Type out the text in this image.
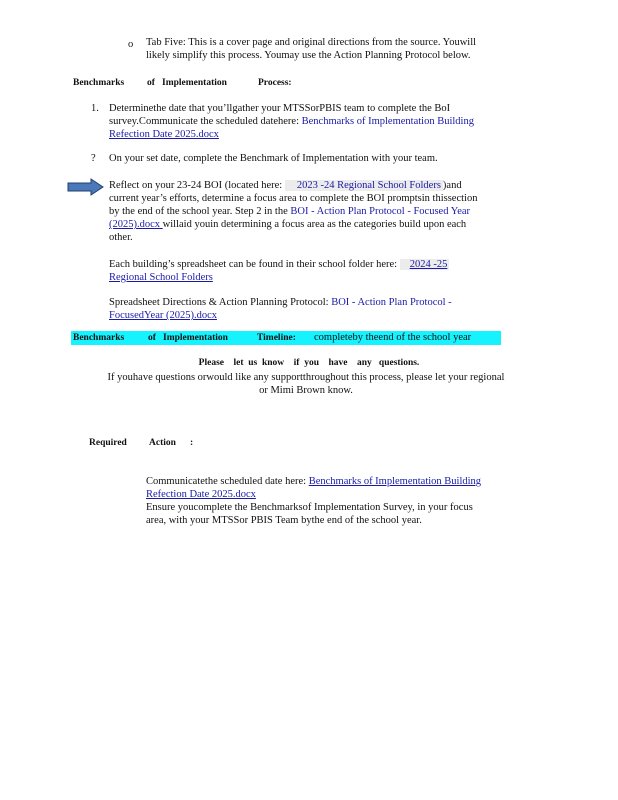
o Tab Five: This is a cover page and original directions from the source. Youwill
likely simplify this process. Youmay use the Action Planning Protocol below.
Benchmarks of Implementation	Process:
1. Determinethe date that you’llgather your MTSSorPBIS team to complete the BoI
survey.Communicate the scheduled datehere: Benchmarks of Implementation Building
Refection Date 2025.docx
? On your set date, complete the Benchmark of Implementation with your team.
Reflect on your 23-24 BOI (located here: 2023 -24 Regional School Folders )and
current year’s efforts, determine a focus area to complete the BOI promptsin thissection
by the end of the school year. Step 2 in the BOI - Action Plan Protocol - Focused Year
(2025).docx willaid youin determining a focus area as the categories build upon each
other.
Each building’s spreadsheet can be found in their school folder here: 2024 -25
Regional School Folders
Spreadsheet Directions & Action Planning Protocol: BOI - Action Plan Protocol -
FocusedYear (2025).docx
Benchmarks	of Implementation	Timeline: completeby theend of the school year
Please    let  us  know    if  you    have    any   questions.
If youhave questions orwould like any supportthroughout this process, please let your regional
or Mimi Brown know.
Required Action :
Communicatethe scheduled date here: Benchmarks of Implementation Building
Refection Date 2025.docx
Ensure youcomplete the Benchmarksof Implementation Survey, in your focus
area, with your MTSSor PBIS Team bythe end of the school year.
